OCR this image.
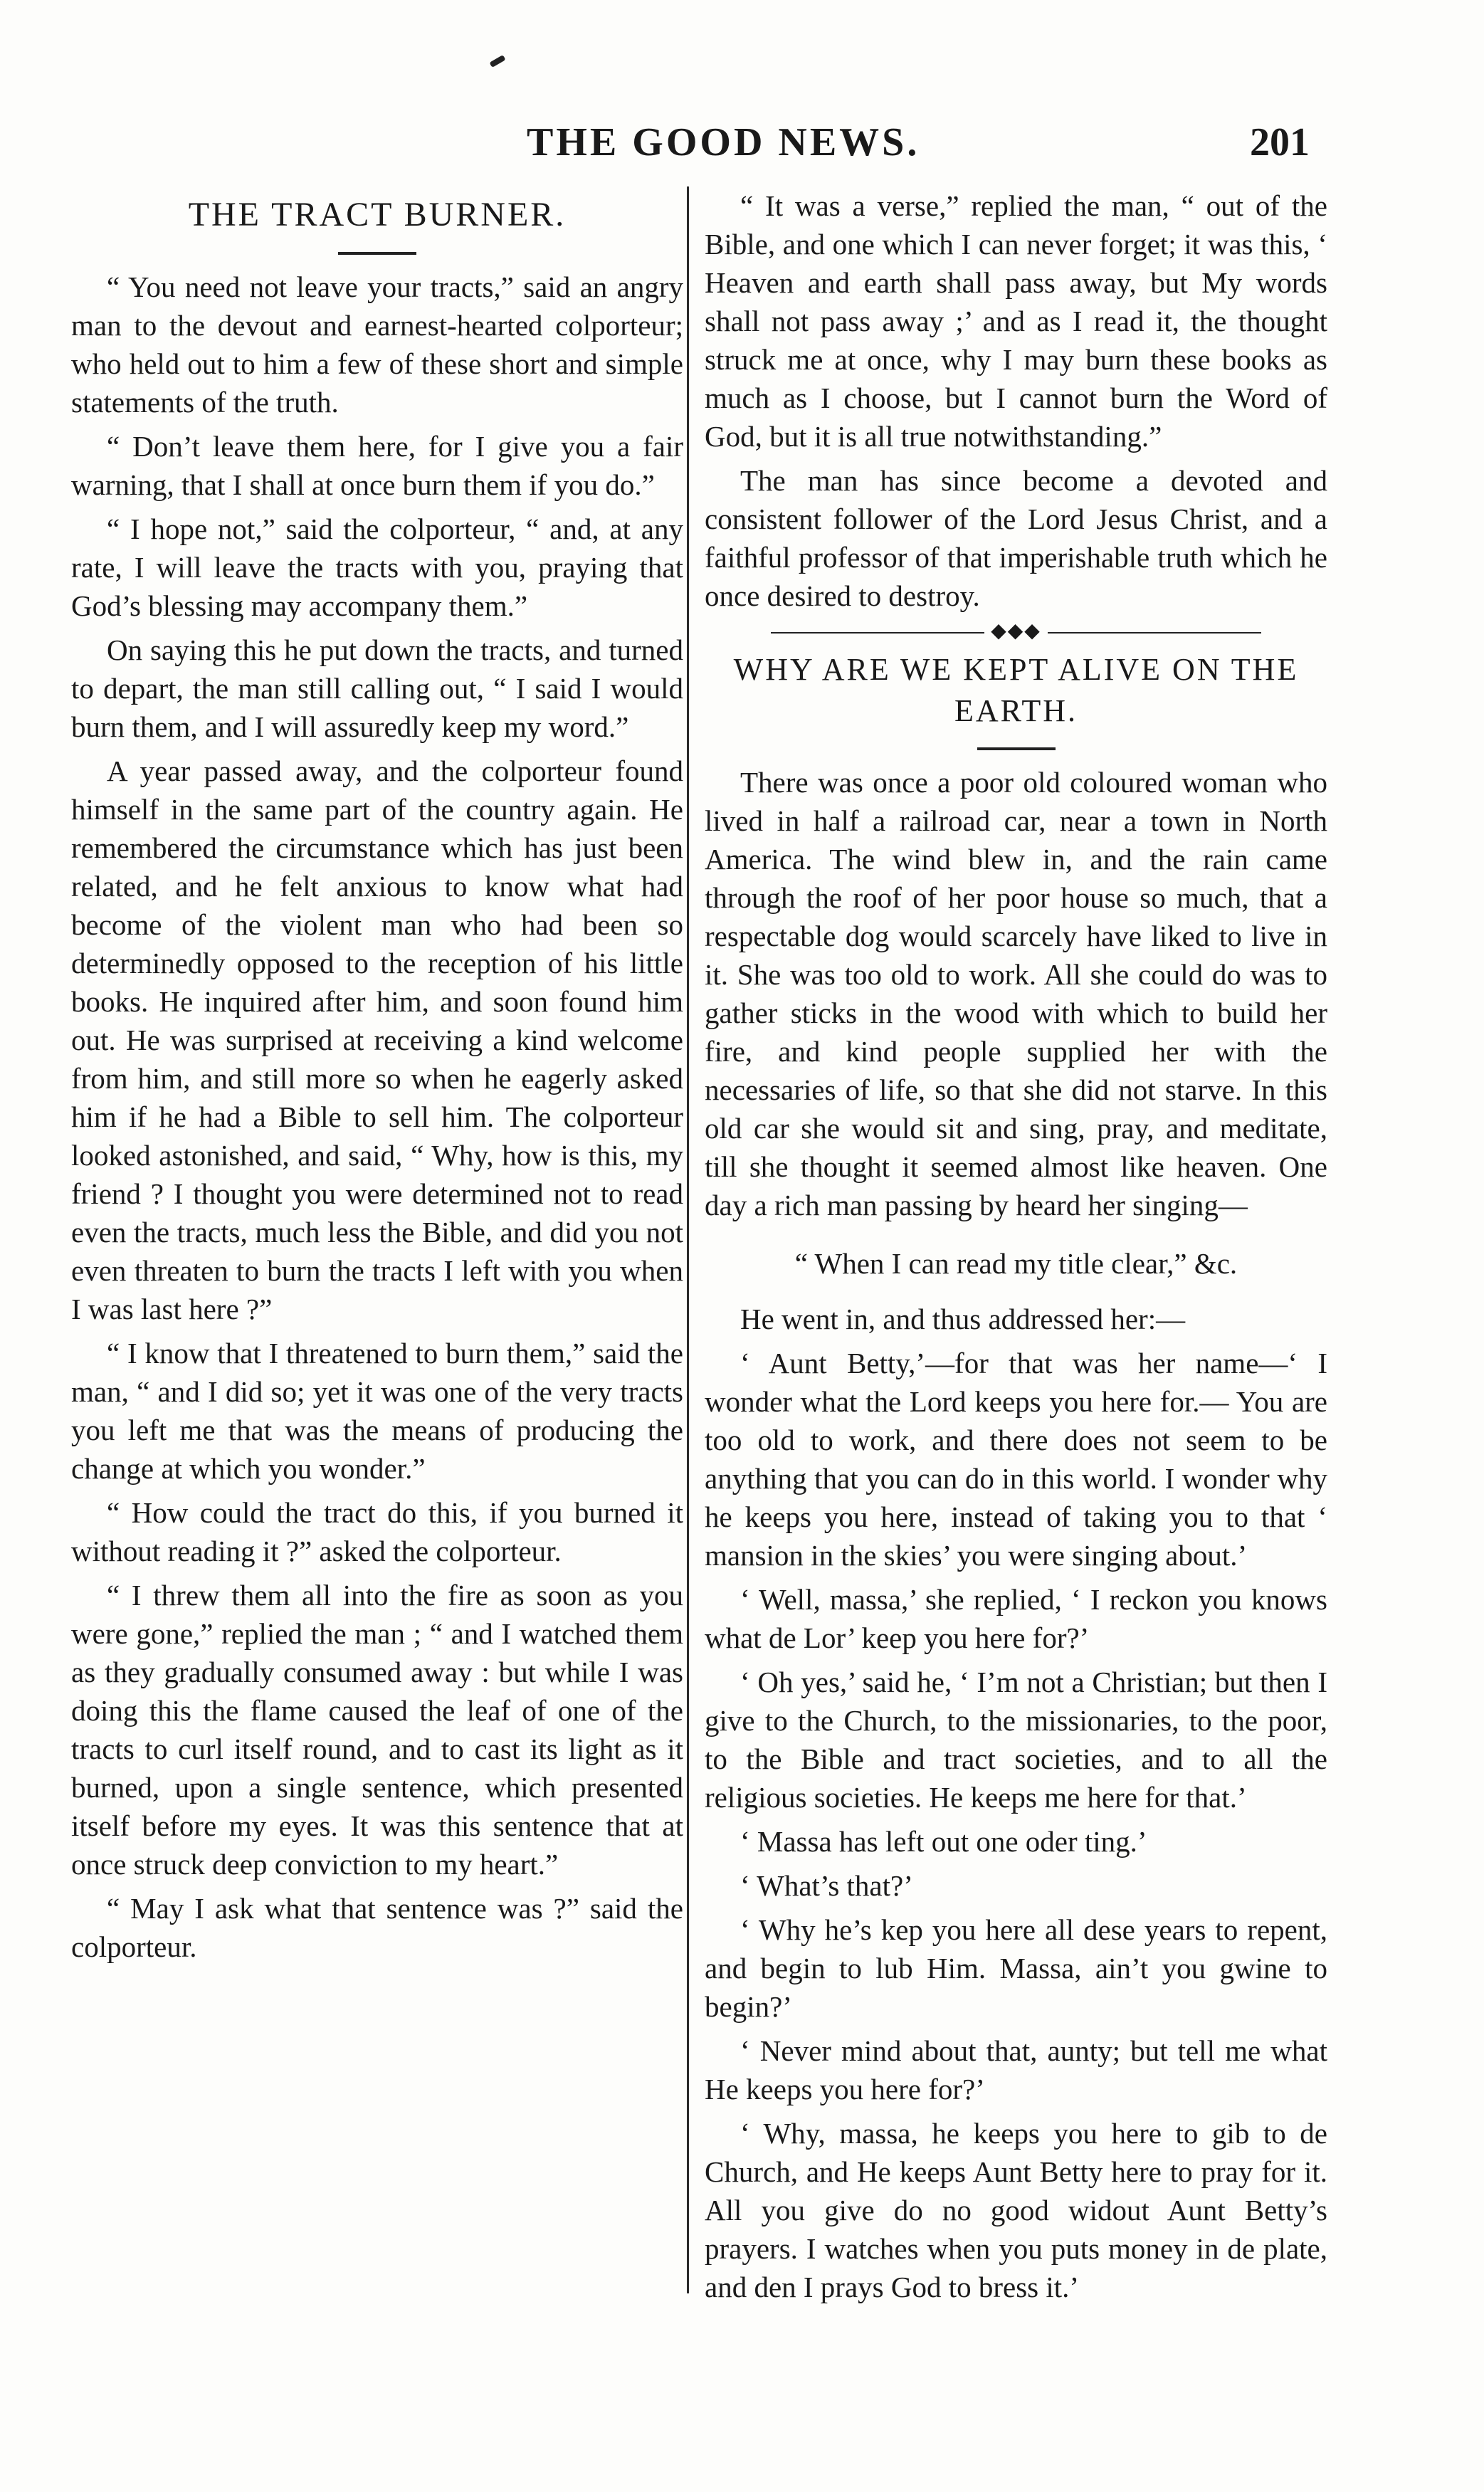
THE GOOD NEWS.	201
THE TRACT BURNER.

“ You need not leave your tracts,” said an angry man to the devout and earnest-hearted colporteur; who held out to him a few of these short and simple statements of the truth.

“ Don’t leave them here, for I give you a fair warning, that I shall at once burn them if you do.”

“ I hope not,” said the colporteur, “ and, at any rate, I will leave the tracts with you, praying that God’s blessing may accompany them.”

On saying this he put down the tracts, and turned to depart, the man still calling out, “ I said I would burn them, and I will assuredly keep my word.”

A year passed away, and the colporteur found himself in the same part of the country again. He remembered the circumstance which has just been related, and he felt anxious to know what had become of the violent man who had been so determinedly opposed to the reception of his little books. He inquired after him, and soon found him out. He was surprised at receiving a kind welcome from him, and still more so when he eagerly asked him if he had a Bible to sell him. The colporteur looked astonished, and said, “ Why, how is this, my friend ? I thought you were determined not to read even the tracts, much less the Bible, and did you not even threaten to burn the tracts I left with you when I was last here ?”

“ I know that I threatened to burn them,” said the man, “ and I did so; yet it was one of the very tracts you left me that was the means of producing the change at which you wonder.”

“ How could the tract do this, if you burned it without reading it ?” asked the colporteur.

“ I threw them all into the fire as soon as you were gone,” replied the man ; “ and I watched them as they gradually consumed away : but while I was doing this the flame caused the leaf of one of the tracts to curl itself round, and to cast its light as it burned, upon a single sentence, which presented itself before my eyes. It was this sentence that at once struck deep conviction to my heart.”

“ May I ask what that sentence was ?” said the colporteur.

“ It was a verse,” replied the man, “ out of the Bible, and one which I can never forget; it was this, ‘ Heaven and earth shall pass away, but My words shall not pass away ;’ and as I read it, the thought struck me at once, why I may burn these books as much as I choose, but I cannot burn the Word of God, but it is all true notwithstanding.”

The man has since become a devoted and consistent follower of the Lord Jesus Christ, and a faithful professor of that imperishable truth which he once desired to destroy.

◆◆◆
WHY ARE WE KEPT ALIVE ON THE EARTH.

There was once a poor old coloured woman who lived in half a railroad car, near a town in North America. The wind blew in, and the rain came through the roof of her poor house so much, that a respectable dog would scarcely have liked to live in it. She was too old to work. All she could do was to gather sticks in the wood with which to build her fire, and kind people supplied her with the necessaries of life, so that she did not starve. In this old car she would sit and sing, pray, and meditate, till she thought it seemed almost like heaven. One day a rich man passing by heard her singing—

“ When I can read my title clear,” &c.

He went in, and thus addressed her:—

‘ Aunt Betty,’—for that was her name—‘ I wonder what the Lord keeps you here for.— You are too old to work, and there does not seem to be anything that you can do in this world. I wonder why he keeps you here, instead of taking you to that ‘ mansion in the skies’ you were singing about.’

‘ Well, massa,’ she replied, ‘ I reckon you knows what de Lor’ keep you here for?’

‘ Oh yes,’ said he, ‘ I’m not a Christian; but then I give to the Church, to the missionaries, to the poor, to the Bible and tract societies, and to all the religious societies. He keeps me here for that.’

‘ Massa has left out one oder ting.’

‘ What’s that?’

‘ Why he’s kep you here all dese years to repent, and begin to lub Him. Massa, ain’t you gwine to begin?’

‘ Never mind about that, aunty; but tell me what He keeps you here for?’

‘ Why, massa, he keeps you here to gib to de Church, and He keeps Aunt Betty here to pray for it. All you give do no good widout Aunt Betty’s prayers. I watches when you puts money in de plate, and den I prays God to bress it.’
